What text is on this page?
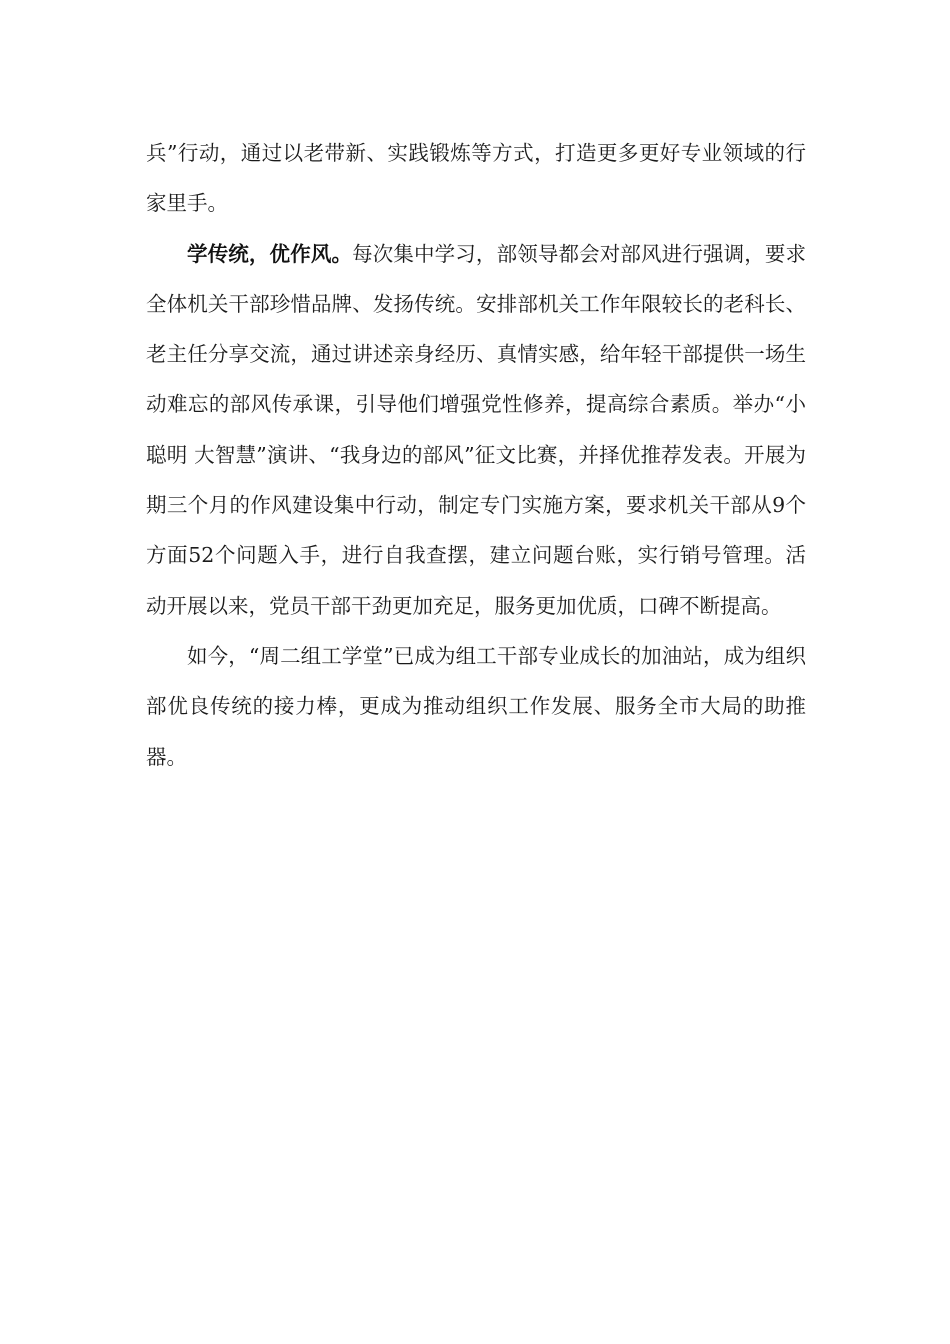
兵”行动，通过以老带新、实践锻炼等方式，打造更多更好专业领域的行家里手。

学传统，优作风。每次集中学习，部领导都会对部风进行强调，要求全体机关干部珍惜品牌、发扬传统。安排部机关工作年限较长的老科长、老主任分享交流，通过讲述亲身经历、真情实感，给年轻干部提供一场生动难忘的部风传承课，引导他们增强党性修养，提高综合素质。举办“小聪明 大智慧”演讲、“我身边的部风”征文比赛，并择优推荐发表。开展为期三个月的作风建设集中行动，制定专门实施方案，要求机关干部从9个方面52个问题入手，进行自我查摆，建立问题台账，实行销号管理。活动开展以来，党员干部干劲更加充足，服务更加优质，口碑不断提高。

如今，“周二组工学堂”已成为组工干部专业成长的加油站，成为组织部优良传统的接力棒，更成为推动组织工作发展、服务全市大局的助推器。
